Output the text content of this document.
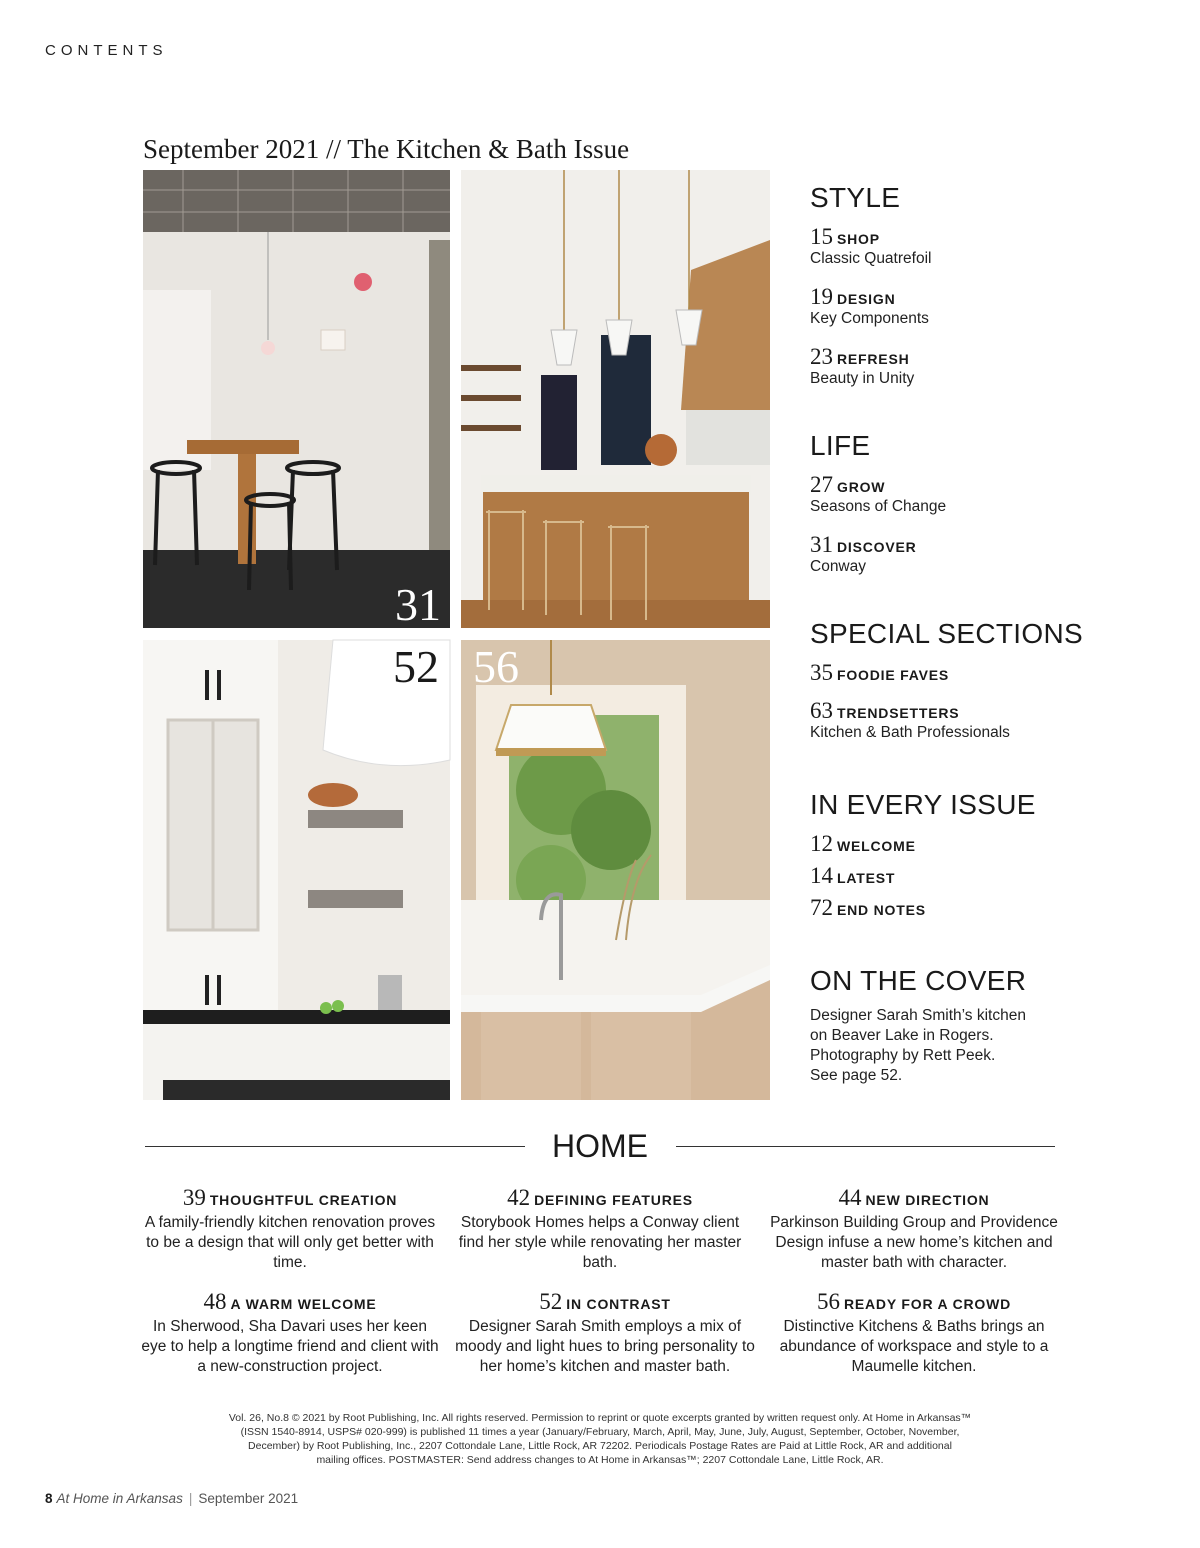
CONTENTS
September 2021 // The Kitchen & Bath Issue
31
52 56
STYLE
15 SHOP
Classic Quatrefoil
19 DESIGN
Key Components
23 REFRESH
Beauty in Unity
LIFE
27 GROW
Seasons of Change
31 DISCOVER
Conway
SPECIAL SECTIONS
35 FOODIE FAVES
63 TRENDSETTERS
Kitchen & Bath Professionals
IN EVERY ISSUE
12 WELCOME
14 LATEST
72 END NOTES
ON THE COVER
Designer Sarah Smith’s kitchen
on Beaver Lake in Rogers.
Photography by Rett Peek.
See page 52.
HOME
39 THOUGHTFUL CREATION
A family-friendly kitchen renovation proves to be a design that will only get better with time.
42 DEFINING FEATURES
Storybook Homes helps a Conway client find her style while renovating her master bath.
44 NEW DIRECTION
Parkinson Building Group and Providence Design infuse a new home’s kitchen and master bath with character.
48 A WARM WELCOME
In Sherwood, Sha Davari uses her keen eye to help a longtime friend and client with a new-construction project.
52 IN CONTRAST
Designer Sarah Smith employs a mix of moody and light hues to bring personality to her home’s kitchen and master bath.
56 READY FOR A CROWD
Distinctive Kitchens & Baths brings an abundance of workspace and style to a Maumelle kitchen.
Vol. 26, No.8 © 2021 by Root Publishing, Inc. All rights reserved. Permission to reprint or quote excerpts granted by written request only. At Home in Arkansas™
(ISSN 1540-8914, USPS# 020-999) is published 11 times a year (January/February, March, April, May, June, July, August, September, October, November,
December) by Root Publishing, Inc., 2207 Cottondale Lane, Little Rock, AR 72202. Periodicals Postage Rates are Paid at Little Rock, AR and additional
mailing offices. POSTMASTER: Send address changes to At Home in Arkansas™; 2207 Cottondale Lane, Little Rock, AR.
8 At Home in Arkansas | September 2021
